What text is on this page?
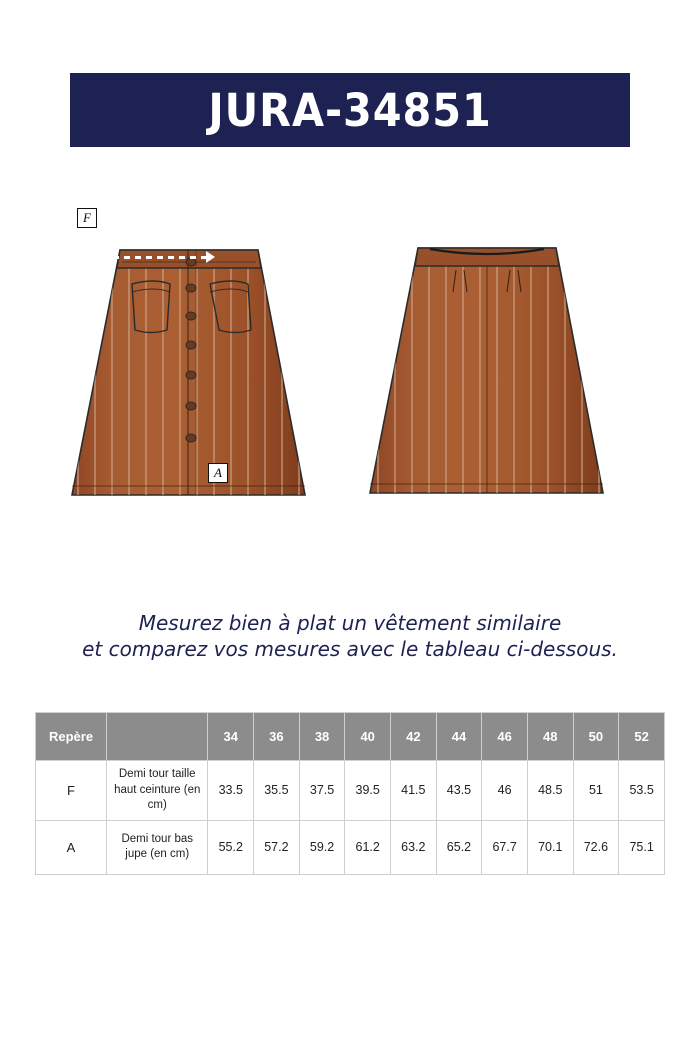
JURA-34851
F
A
Mesurez bien à plat un vêtement similaire
et comparez vos mesures avec le tableau ci-dessous.
Repère		34	36	38	40	42	44	46	48	50	52
F	Demi tour taille haut ceinture (en cm)	33.5	35.5	37.5	39.5	41.5	43.5	46	48.5	51	53.5
A	Demi tour bas jupe (en cm)	55.2	57.2	59.2	61.2	63.2	65.2	67.7	70.1	72.6	75.1
